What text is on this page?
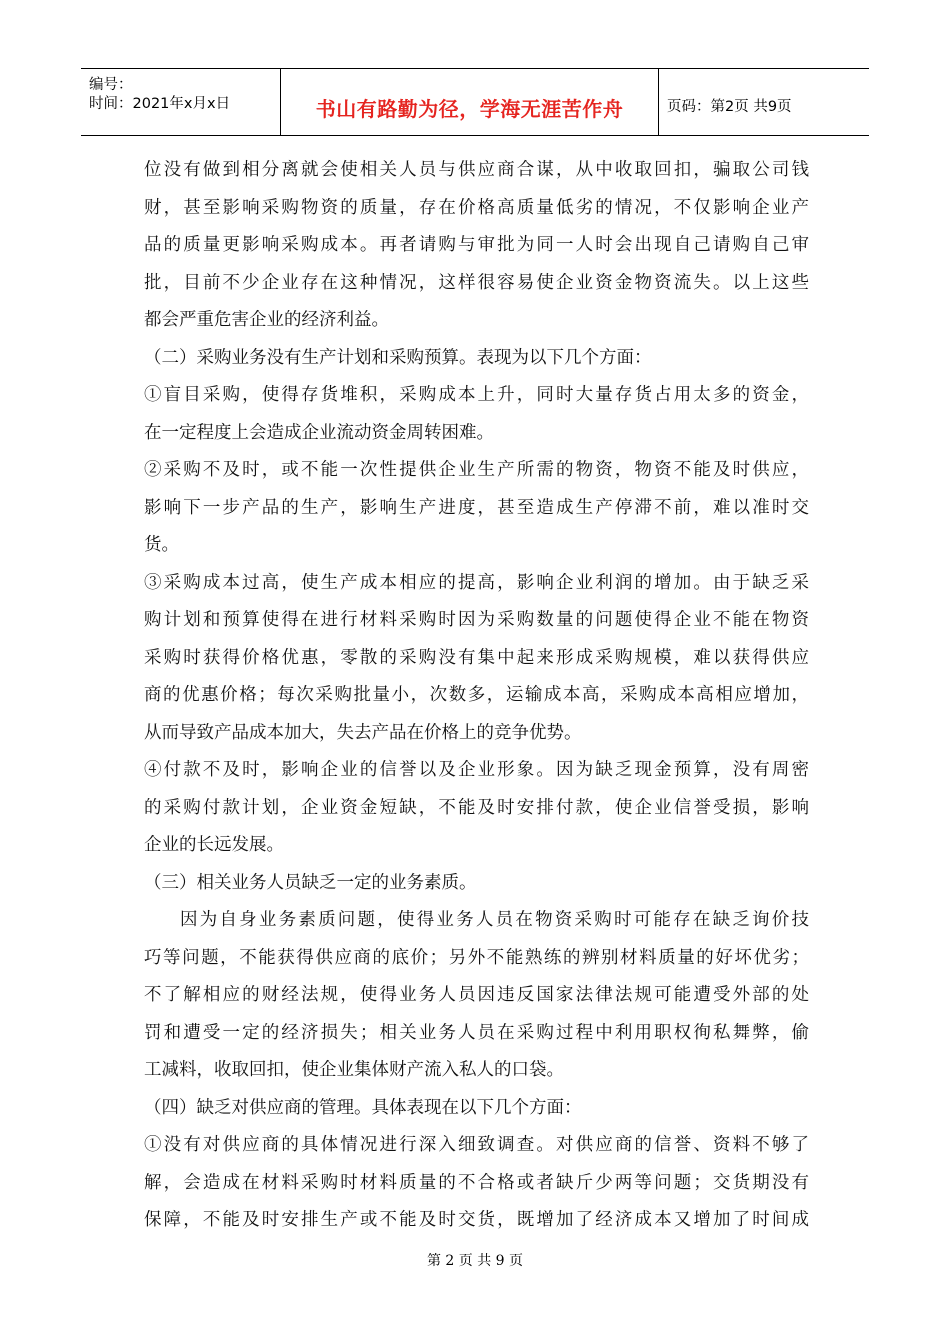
编号：
时间：2021年x月x日	书山有路勤为径，学海无涯苦作舟	页码：第2页 共9页
位没有做到相分离就会使相关人员与供应商合谋，从中收取回扣，骗取公司钱
财，甚至影响采购物资的质量，存在价格高质量低劣的情况，不仅影响企业产
品的质量更影响采购成本。再者请购与审批为同一人时会出现自己请购自己审
批，目前不少企业存在这种情况，这样很容易使企业资金物资流失。以上这些
都会严重危害企业的经济利益。
（二）采购业务没有生产计划和采购预算。表现为以下几个方面：
①盲目采购，使得存货堆积，采购成本上升，同时大量存货占用太多的资金，
在一定程度上会造成企业流动资金周转困难。
②采购不及时，或不能一次性提供企业生产所需的物资，物资不能及时供应，
影响下一步产品的生产，影响生产进度，甚至造成生产停滞不前，难以准时交
货。
③采购成本过高，使生产成本相应的提高，影响企业利润的增加。由于缺乏采
购计划和预算使得在进行材料采购时因为采购数量的问题使得企业不能在物资
采购时获得价格优惠，零散的采购没有集中起来形成采购规模，难以获得供应
商的优惠价格；每次采购批量小，次数多，运输成本高，采购成本高相应增加，
从而导致产品成本加大，失去产品在价格上的竞争优势。
④付款不及时，影响企业的信誉以及企业形象。因为缺乏现金预算，没有周密
的采购付款计划，企业资金短缺，不能及时安排付款，使企业信誉受损，影响
企业的长远发展。
（三）相关业务人员缺乏一定的业务素质。
因为自身业务素质问题，使得业务人员在物资采购时可能存在缺乏询价技
巧等问题，不能获得供应商的底价；另外不能熟练的辨别材料质量的好坏优劣；
不了解相应的财经法规，使得业务人员因违反国家法律法规可能遭受外部的处
罚和遭受一定的经济损失；相关业务人员在采购过程中利用职权徇私舞弊，偷
工减料，收取回扣，使企业集体财产流入私人的口袋。
（四）缺乏对供应商的管理。具体表现在以下几个方面：
①没有对供应商的具体情况进行深入细致调查。对供应商的信誉、资料不够了
解，会造成在材料采购时材料质量的不合格或者缺斤少两等问题；交货期没有
保障，不能及时安排生产或不能及时交货，既增加了经济成本又增加了时间成
第 2 页 共 9 页
